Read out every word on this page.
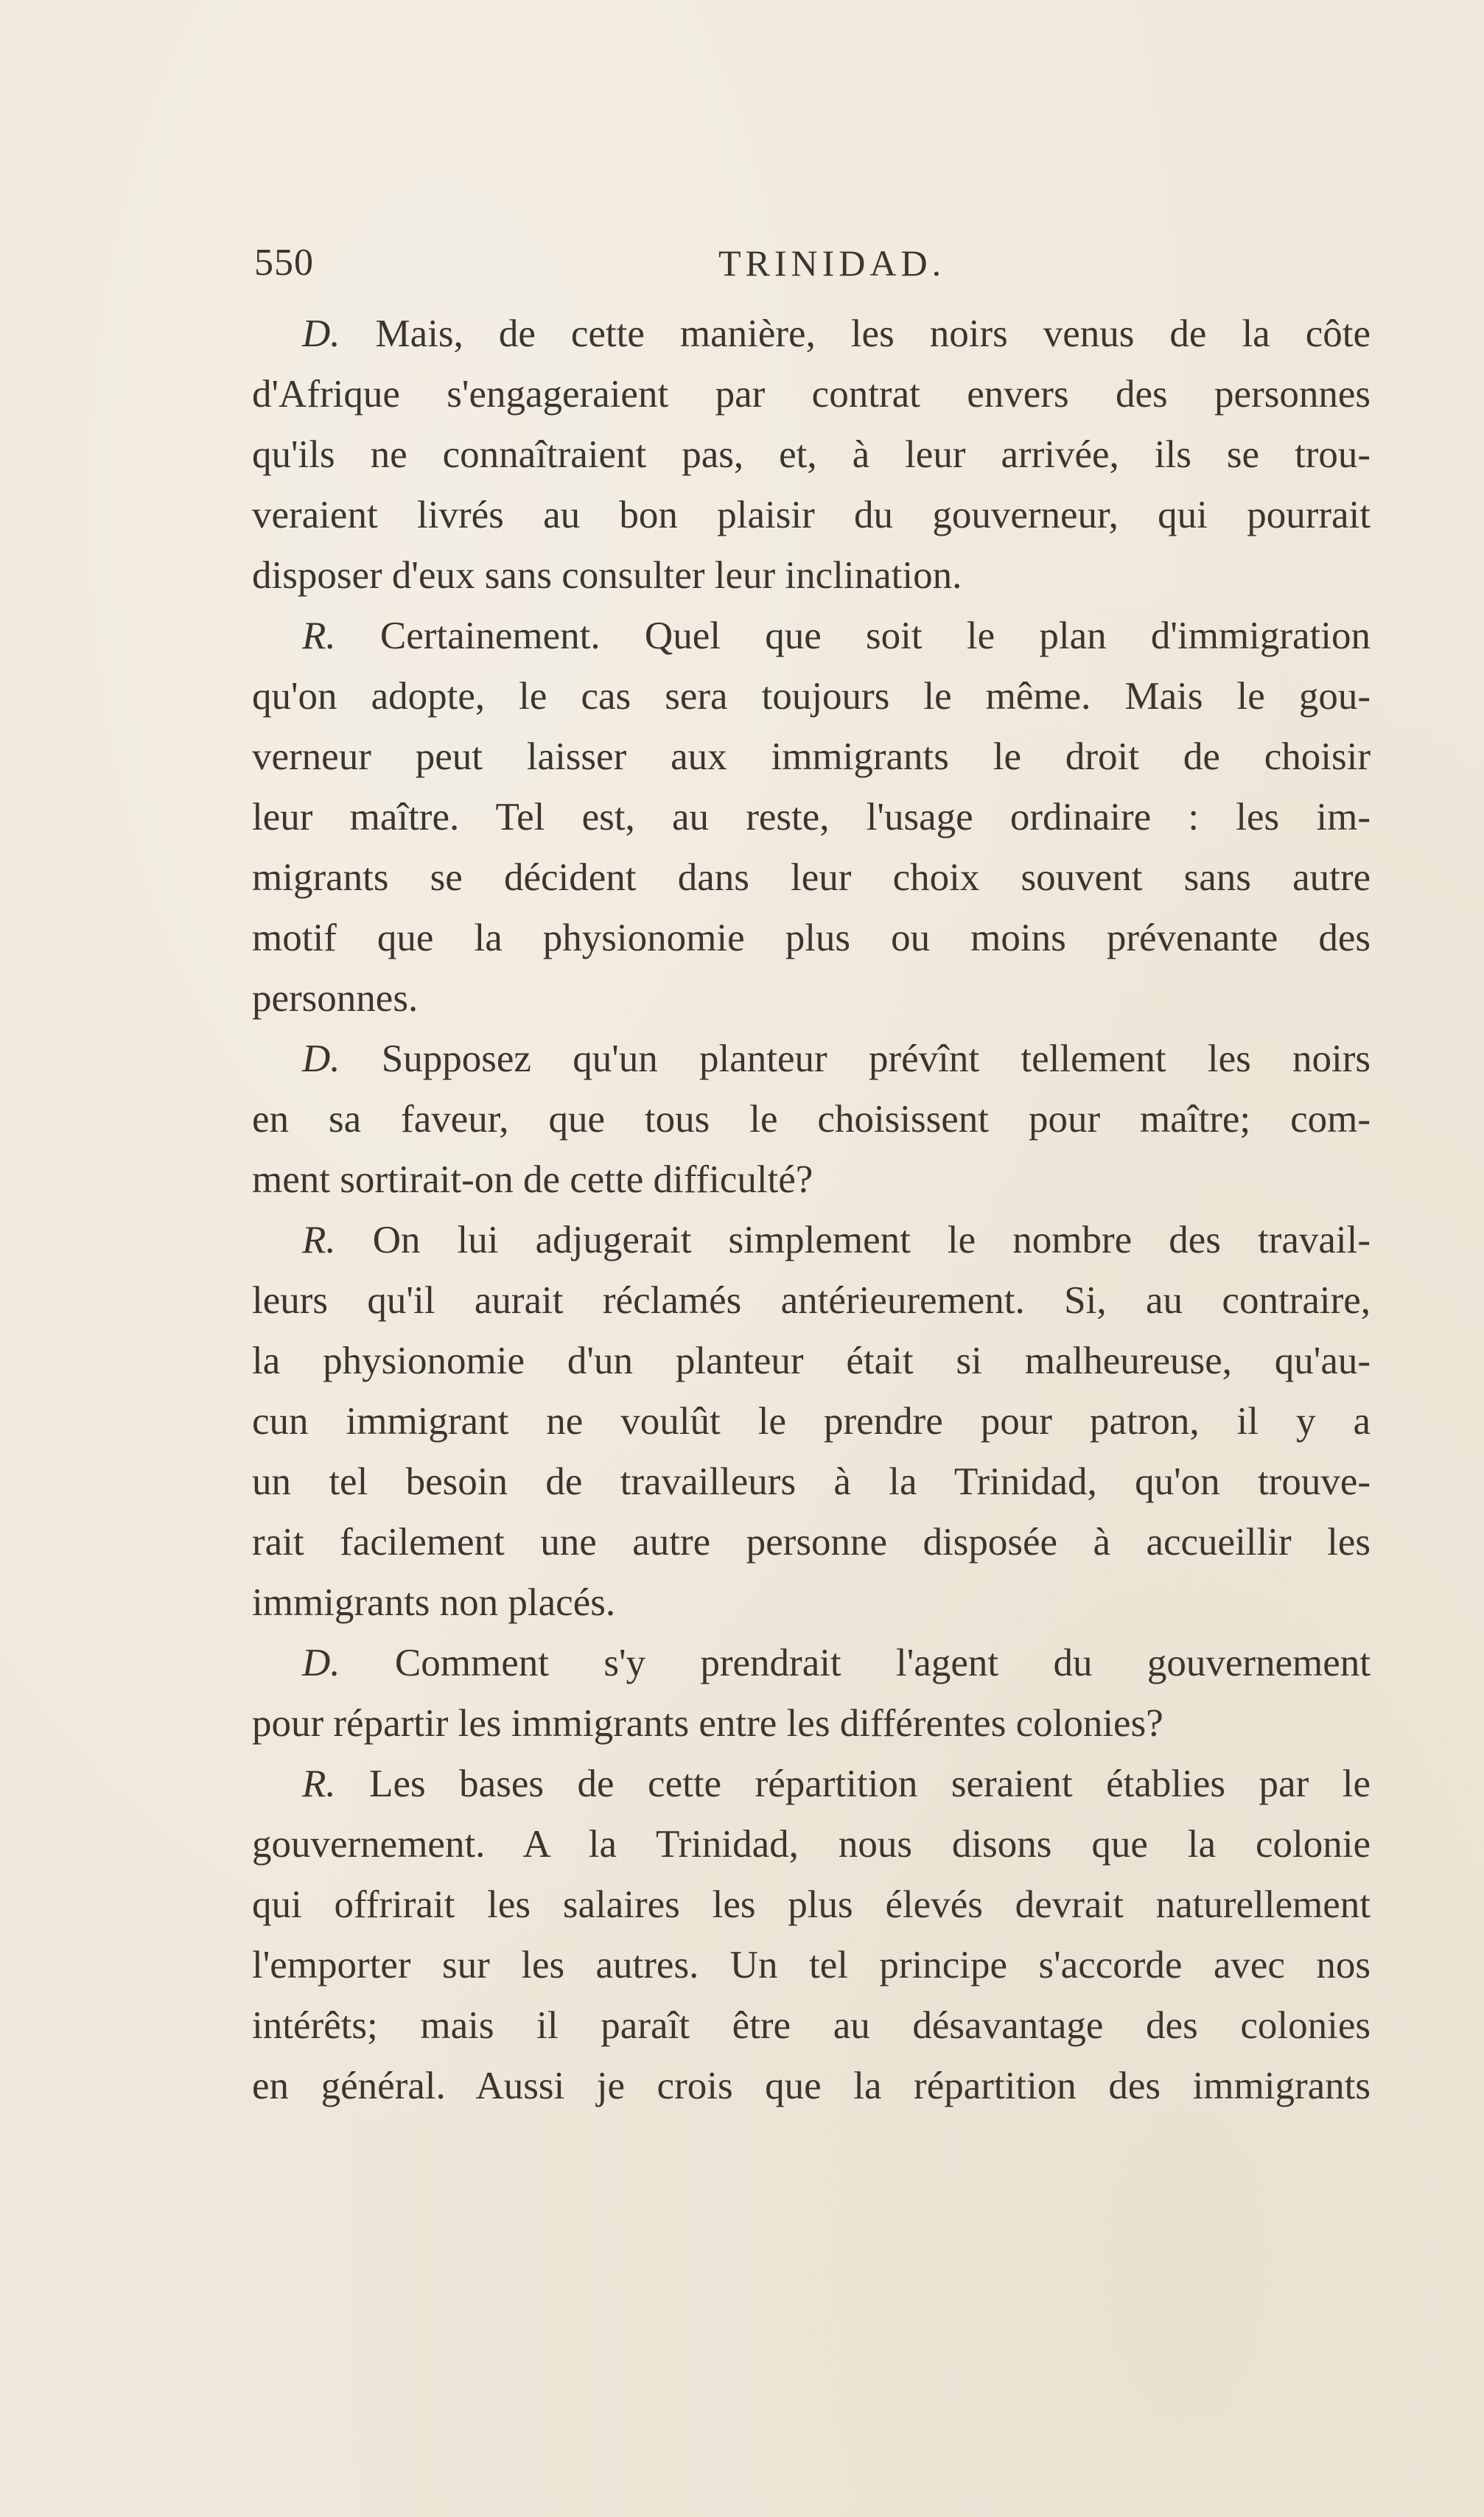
550	TRINIDAD.
D. Mais, de cette manière, les noirs venus de la côte
d'Afrique s'engageraient par contrat envers des personnes
qu'ils ne connaîtraient pas, et, à leur arrivée, ils se trou-
veraient livrés au bon plaisir du gouverneur, qui pourrait
disposer d'eux sans consulter leur inclination.
R. Certainement. Quel que soit le plan d'immigration
qu'on adopte, le cas sera toujours le même. Mais le gou-
verneur peut laisser aux immigrants le droit de choisir
leur maître. Tel est, au reste, l'usage ordinaire : les im-
migrants se décident dans leur choix souvent sans autre
motif que la physionomie plus ou moins prévenante des
personnes.
D. Supposez qu'un planteur prévînt tellement les noirs
en sa faveur, que tous le choisissent pour maître; com-
ment sortirait-on de cette difficulté?
R. On lui adjugerait simplement le nombre des travail-
leurs qu'il aurait réclamés antérieurement. Si, au contraire,
la physionomie d'un planteur était si malheureuse, qu'au-
cun immigrant ne voulût le prendre pour patron, il y a
un tel besoin de travailleurs à la Trinidad, qu'on trouve-
rait facilement une autre personne disposée à accueillir les
immigrants non placés.
D. Comment s'y prendrait l'agent du gouvernement
pour répartir les immigrants entre les différentes colonies?
R. Les bases de cette répartition seraient établies par le
gouvernement. A la Trinidad, nous disons que la colonie
qui offrirait les salaires les plus élevés devrait naturellement
l'emporter sur les autres. Un tel principe s'accorde avec nos
intérêts; mais il paraît être au désavantage des colonies
en général. Aussi je crois que la répartition des immigrants
